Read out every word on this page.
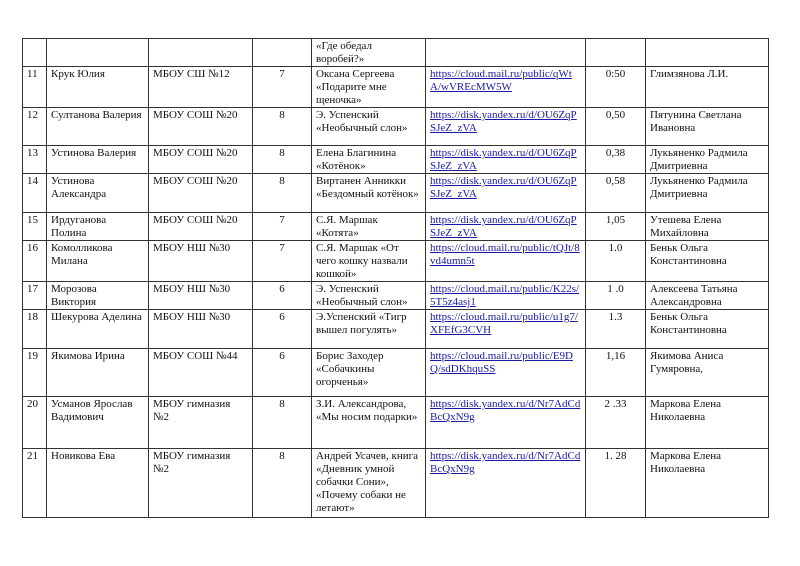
				«Где обедал воробей?»			
11	Крук Юлия	МБОУ СШ №12	7	Оксана Сергеева «Подарите мне щеночка»	https://cloud.mail.ru/public/qWtA/wVREcMW5W	0:50	Глимзянова Л.И.
12	Султанова Валерия	МБОУ СОШ №20	8	Э. Успенский «Необычный слон»	https://disk.yandex.ru/d/OU6ZqPSJeZ_zVA	0,50	Пятунина Светлана Ивановна
13	Устинова Валерия	МБОУ СОШ №20	8	Елена Благинина «Котёнок»	https://disk.yandex.ru/d/OU6ZqPSJeZ_zVA	0,38	Лукьяненко Радмила Дмитриевна
14	Устинова Александра	МБОУ СОШ №20	8	Виртанен Анникки «Бездомный котёнок»	https://disk.yandex.ru/d/OU6ZqPSJeZ_zVA	0,58	Лукьяненко Радмила Дмитриевна
15	Ирдуганова Полина	МБОУ СОШ №20	7	С.Я. Маршак «Котята»	https://disk.yandex.ru/d/OU6ZqPSJeZ_zVA	1,05	Утешева Елена Михайловна
16	Комолликова Милана	МБОУ НШ №30	7	С.Я. Маршак «От чего кошку назвали кошкой»	https://cloud.mail.ru/public/tQJt/8vd4umn5t	1.0	Беньк Ольга Константиновна
17	Морозова Виктория	МБОУ НШ №30	6	Э. Успенский «Необычный слон»	https://cloud.mail.ru/public/K22s/5T5z4asj1	1 .0	Алексеева Татьяна Александровна
18	Шекурова Аделина	МБОУ НШ №30	6	Э.Успенский «Тигр вышел погулять»	https://cloud.mail.ru/public/u1g7/XFEfG3CVH	1.3	Беньк Ольга Константиновна
19	Якимова Ирина	МБОУ СОШ №44	6	Борис Заходер «Собачкины огорченья»	https://cloud.mail.ru/public/E9DQ/sdDKhquSS	1,16	Якимова Аниса Гумяровна,
20	Усманов Ярослав Вадимович	МБОУ гимназия №2	8	З.И. Александрова, «Мы носим подарки»	https://disk.yandex.ru/d/Nr7AdCdBcQxN9g	2 .33	Маркова Елена Николаевна
21	Новикова Ева	МБОУ гимназия №2	8	Андрей Усачев, книга «Дневник умной собачки Сони», «Почему собаки не летают»	https://disk.yandex.ru/d/Nr7AdCdBcQxN9g	1. 28	Маркова Елена Николаевна
